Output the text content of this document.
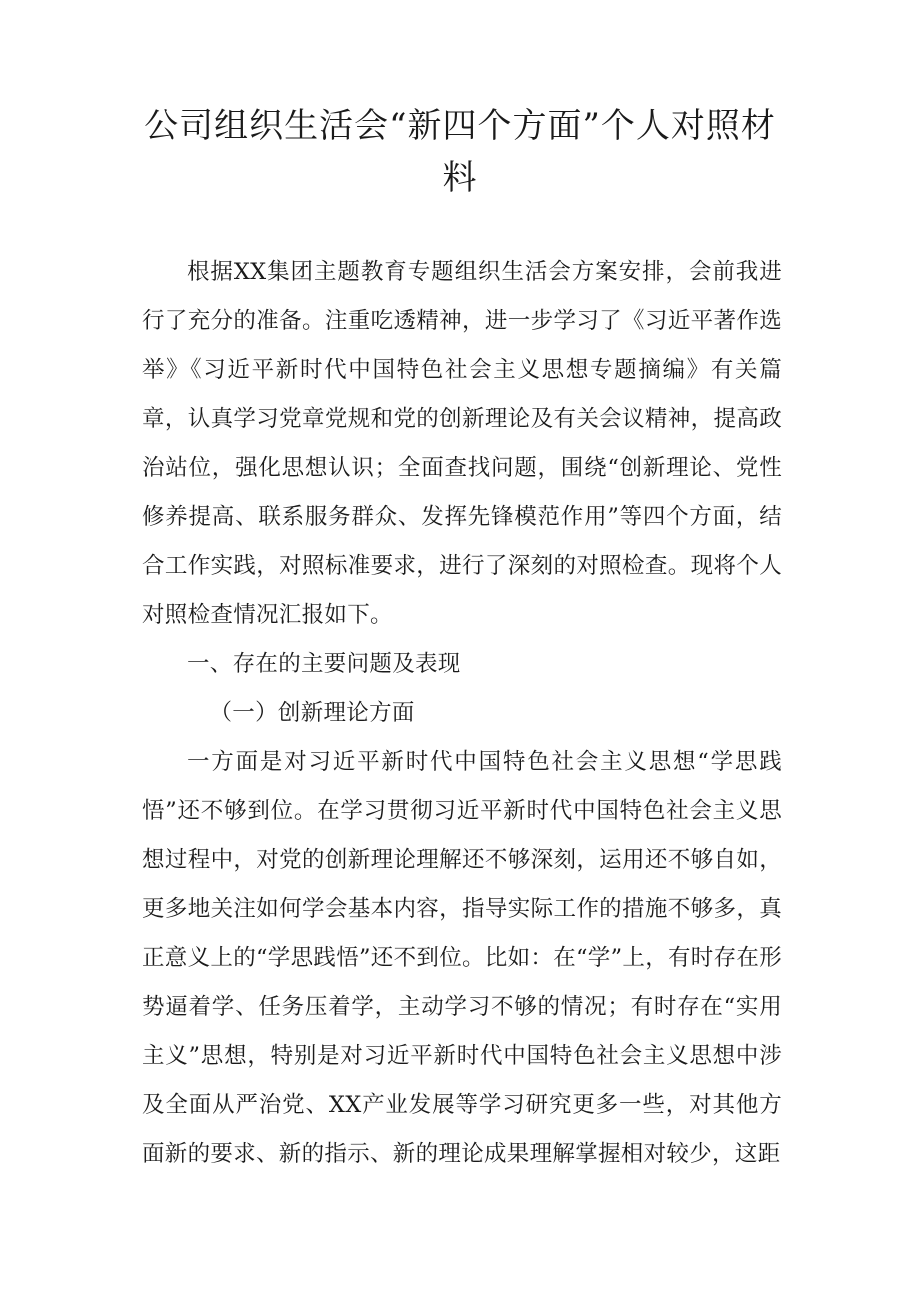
公司组织生活会“新四个方面”个人对照材料

根据XX集团主题教育专题组织生活会方案安排，会前我进行了充分的准备。注重吃透精神，进一步学习了《习近平著作选举》《习近平新时代中国特色社会主义思想专题摘编》有关篇章，认真学习党章党规和党的创新理论及有关会议精神，提高政治站位，强化思想认识；全面查找问题，围绕“创新理论、党性修养提高、联系服务群众、发挥先锋模范作用”等四个方面，结合工作实践，对照标准要求，进行了深刻的对照检查。现将个人对照检查情况汇报如下。

一、存在的主要问题及表现

（一）创新理论方面

一方面是对习近平新时代中国特色社会主义思想“学思践悟”还不够到位。在学习贯彻习近平新时代中国特色社会主义思想过程中，对党的创新理论理解还不够深刻，运用还不够自如，更多地关注如何学会基本内容，指导实际工作的措施不够多，真正意义上的“学思践悟”还不到位。比如：在“学”上，有时存在形势逼着学、任务压着学，主动学习不够的情况；有时存在“实用主义”思想，特别是对习近平新时代中国特色社会主义思想中涉及全面从严治党、XX产业发展等学习研究更多一些，对其他方面新的要求、新的指示、新的理论成果理解掌握相对较少，这距
